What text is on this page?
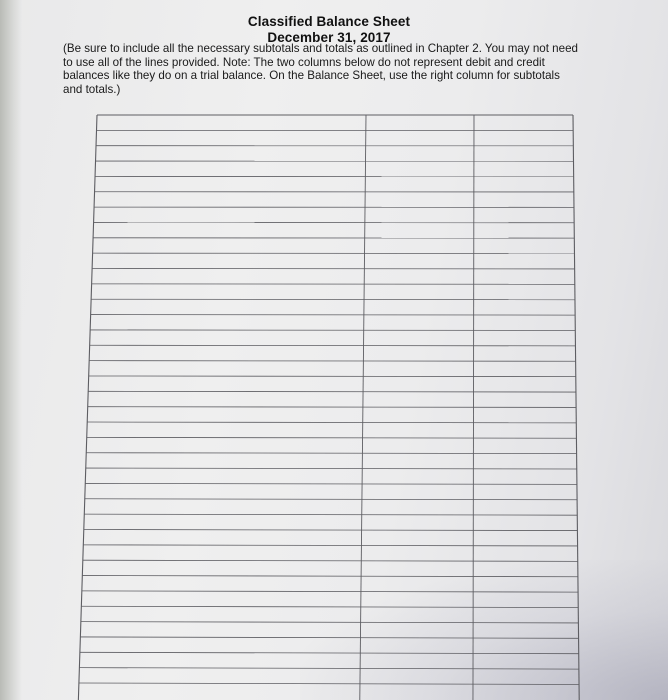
Classified Balance Sheet
December 31, 2017
(Be sure to include all the necessary subtotals and totals as outlined in Chapter 2. You may not need
to use all of the lines provided. Note: The two columns below do not represent debit and credit
balances like they do on a trial balance. On the Balance Sheet, use the right column for subtotals
and totals.)
